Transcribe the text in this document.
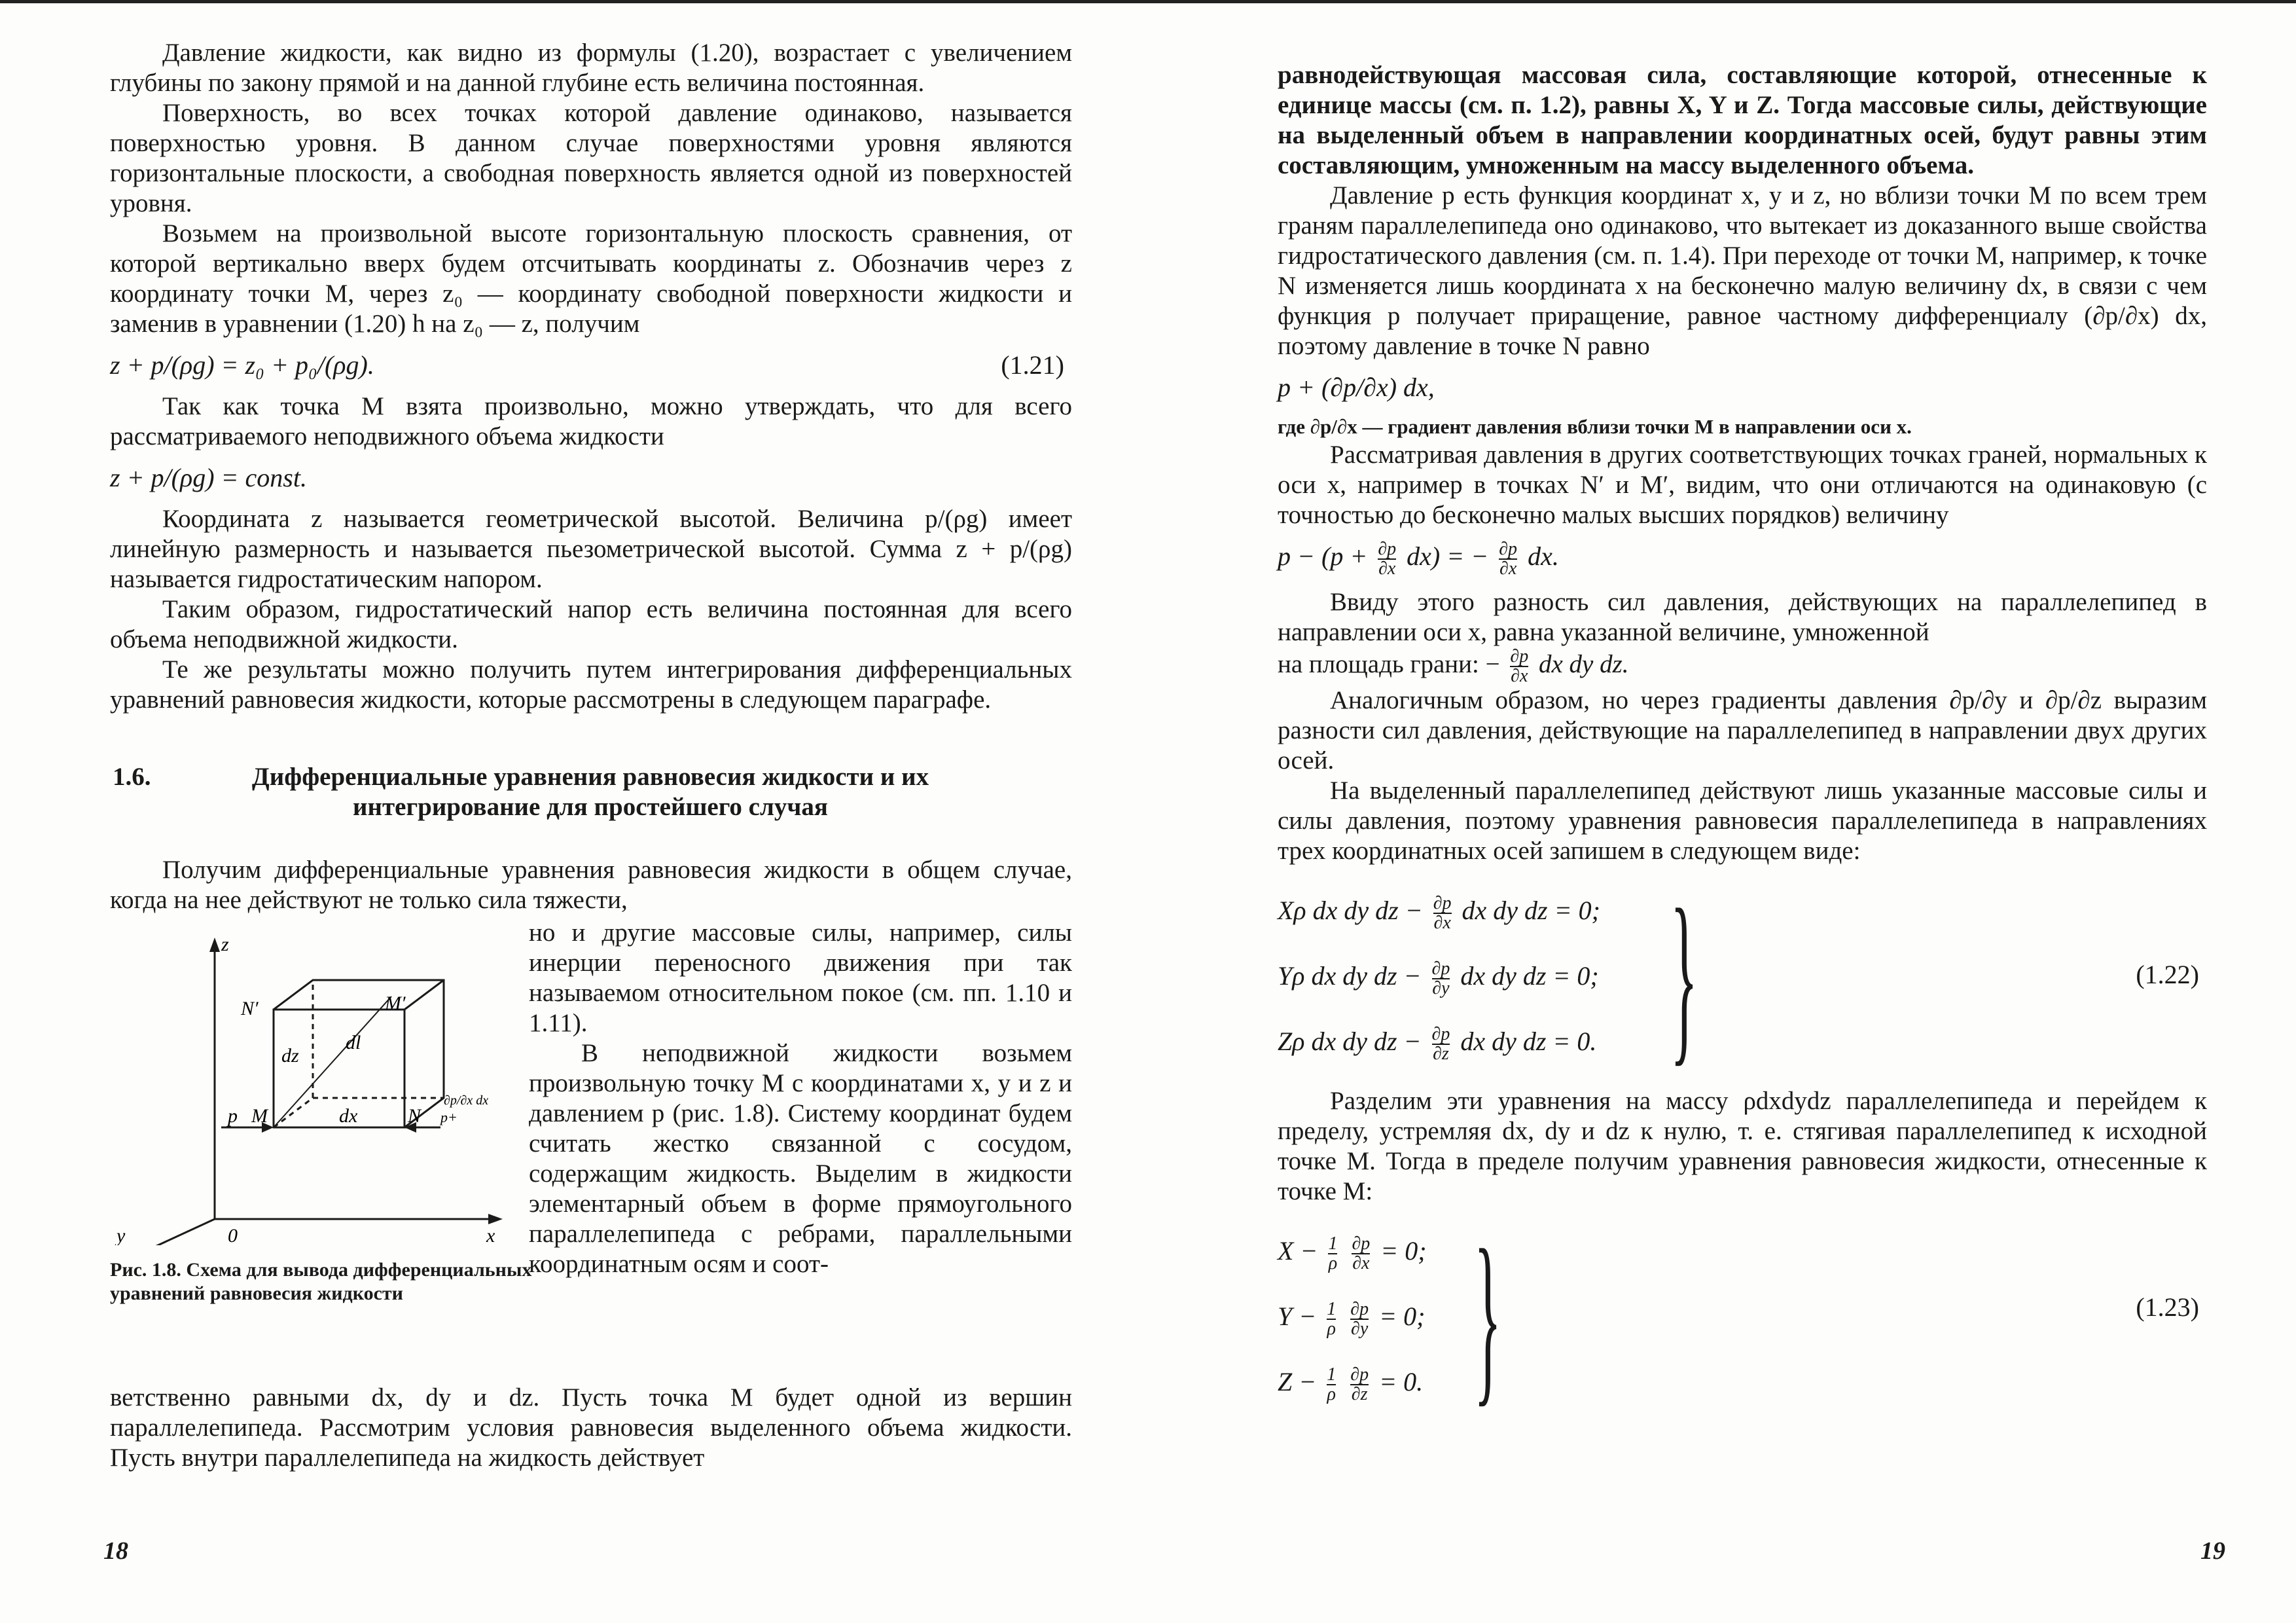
Давление жидкости, как видно из формулы (1.20), возрастает с увеличением глубины по закону прямой и на данной глубине есть величина постоянная.

Поверхность, во всех точках которой давление одинаково, называется поверхностью уровня. В данном случае поверхностями уровня являются горизонтальные плоскости, а свободная поверхность является одной из поверхностей уровня.

Возьмем на произвольной высоте горизонтальную плоскость сравнения, от которой вертикально вверх будем отсчитывать координаты z. Обозначив через z координату точки M, через z₀ — координату свободной поверхности жидкости и заменив в уравнении (1.20) h на z₀ — z, получим

z + p/(ρg) = z₀ + p₀/(ρg).	(1.21)

Так как точка M взята произвольно, можно утверждать, что для всего рассматриваемого неподвижного объема жидкости

z + p/(ρg) = const.

Координата z называется геометрической высотой. Величина p/(ρg) имеет линейную размерность и называется пьезометрической высотой. Сумма z + p/(ρg) называется гидростатическим напором.

Таким образом, гидростатический напор есть величина постоянная для всего объема неподвижной жидкости.

Те же результаты можно получить путем интегрирования дифференциальных уравнений равновесия жидкости, которые рассмотрены в следующем параграфе.

1.6.	Дифференциальные уравнения равновесия жидкости и их интегрирование для простейшего случая

Получим дифференциальные уравнения равновесия жидкости в общем случае, когда на нее действуют не только сила тяжести,

z
x
y	0
N′	M′
M	N
p
dz
dx
dl
p+
∂p/∂x dx
Рис. 1.8. Схема для вывода дифференциальных уравнений равновесия жидкости

но и другие массовые силы, например, силы инерции переносного движения при так называемом относительном покое (см. пп. 1.10 и 1.11).

В неподвижной жидкости возьмем произвольную точку M с координатами x, y и z и давлением p (рис. 1.8). Систему координат будем считать жестко связанной с сосудом, содержащим жидкость. Выделим в жидкости элементарный объем в форме прямоугольного параллелепипеда с ребрами, параллельными координатным осям и соот-

ветственно равными dx, dy и dz. Пусть точка M будет одной из вершин параллелепипеда. Рассмотрим условия равновесия выделенного объема жидкости. Пусть внутри параллелепипеда на жидкость действует

18

равнодействующая массовая сила, составляющие которой, отнесенные к единице массы (см. п. 1.2), равны X, Y и Z. Тогда массовые силы, действующие на выделенный объем в направлении координатных осей, будут равны этим составляющим, умноженным на массу выделенного объема.

Давление p есть функция координат x, y и z, но вблизи точки M по всем трем граням параллелепипеда оно одинаково, что вытекает из доказанного выше свойства гидростатического давления (см. п. 1.4). При переходе от точки M, например, к точке N изменяется лишь координата x на бесконечно малую величину dx, в связи с чем функция p получает приращение, равное частному дифференциалу (∂p/∂x) dx, поэтому давление в точке N равно

p + (∂p/∂x) dx,

где ∂p/∂x — градиент давления вблизи точки M в направлении оси x.

Рассматривая давления в других соответствующих точках граней, нормальных к оси x, например в точках N′ и M′, видим, что они отличаются на одинаковую (с точностью до бесконечно малых высших порядков) величину

$p - (p + \frac{\partial p}{\partial x} dx)$ = − $\frac{\partial p}{\partial x}$ dx.

Ввиду этого разность сил давления, действующих на параллелепипед в направлении оси x, равна указанной величине, умноженной

на площадь грани: − $\frac{\partial p}{\partial x}$ dx dy dz.

Аналогичным образом, но через градиенты давления ∂p/∂y и ∂p/∂z выразим разности сил давления, действующие на параллелепипед в направлении двух других осей.

На выделенный параллелепипед действуют лишь указанные массовые силы и силы давления, поэтому уравнения равновесия параллелепипеда в направлениях трех координатных осей запишем в следующем виде:

Xρ dx dy dz − $\frac{\partial p}{\partial x}$ dx dy dz = 0;
Yρ dx dy dz − $\frac{\partial p}{\partial y}$ dx dy dz = 0;
Zρ dx dy dz − $\frac{\partial p}{\partial z}$ dx dy dz = 0. }	(1.22)

Разделим эти уравнения на массу ρdxdydz параллелепипеда и перейдем к пределу, устремляя dx, dy и dz к нулю, т. е. стягивая параллелепипед к исходной точке M. Тогда в пределе получим уравнения равновесия жидкости, отнесенные к точке M:

$X - \frac{1}{\rho}$
$\frac{\partial p}{\partial x} = 0$;
$Y - \frac{1}{\rho}$
$\frac{\partial p}{\partial y} = 0$;
$Z - \frac{1}{\rho}$
$\frac{\partial p}{\partial z} = 0$. }	(1.23)
19
